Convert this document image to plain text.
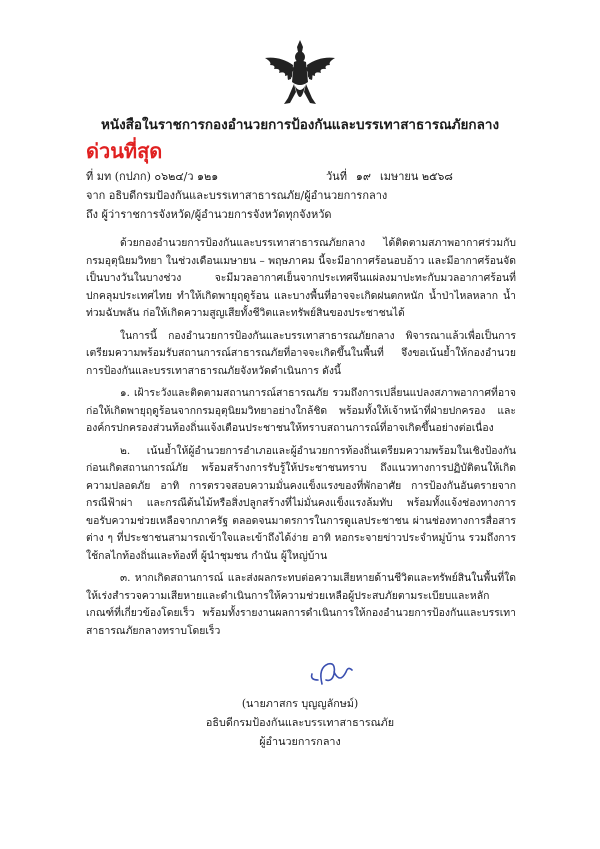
หนังสือในราชการกองอำนวยการป้องกันและบรรเทาสาธารณภัยกลาง
ด่วนที่สุด
ที่ มท (กปภก) ๐๖๒๔/ว ๑๒๑	วันที่ ๑๙ เมษายน ๒๕๖๘
จาก อธิบดีกรมป้องกันและบรรเทาสาธารณภัย/ผู้อำนวยการกลาง
ถึง ผู้ว่าราชการจังหวัด/ผู้อำนวยการจังหวัดทุกจังหวัด

ด้วยกองอำนวยการป้องกันและบรรเทาสาธารณภัยกลาง ได้ติดตามสภาพอากาศร่วมกับกรมอุตุนิยมวิทยา ในช่วงเดือนเมษายน – พฤษภาคม นี้จะมีอากาศร้อนอบอ้าว และมีอากาศร้อนจัดเป็นบางวันในบางช่วง จะมีมวลอากาศเย็นจากประเทศจีนแผ่ลงมาปะทะกับมวลอากาศร้อนที่ปกคลุมประเทศไทย ทำให้เกิดพายุฤดูร้อน และบางพื้นที่อาจจะเกิดฝนตกหนัก น้ำป่าไหลหลาก น้ำท่วมฉับพลัน ก่อให้เกิดความสูญเสียทั้งชีวิตและทรัพย์สินของประชาชนได้

ในการนี้ กองอำนวยการป้องกันและบรรเทาสาธารณภัยกลาง พิจารณาแล้วเพื่อเป็นการเตรียมความพร้อมรับสถานการณ์สาธารณภัยที่อาจจะเกิดขึ้นในพื้นที่ จึงขอเน้นย้ำให้กองอำนวยการป้องกันและบรรเทาสาธารณภัยจังหวัดดำเนินการ ดังนี้

๑. เฝ้าระวังและติดตามสถานการณ์สาธารณภัย รวมถึงการเปลี่ยนแปลงสภาพอากาศที่อาจก่อให้เกิดพายุฤดูร้อนจากกรมอุตุนิยมวิทยาอย่างใกล้ชิด พร้อมทั้งให้เจ้าหน้าที่ฝ่ายปกครอง และองค์กรปกครองส่วนท้องถิ่นแจ้งเตือนประชาชนให้ทราบสถานการณ์ที่อาจเกิดขึ้นอย่างต่อเนื่อง

๒. เน้นย้ำให้ผู้อำนวยการอำเภอและผู้อำนวยการท้องถิ่นเตรียมความพร้อมในเชิงป้องกันก่อนเกิดสถานการณ์ภัย พร้อมสร้างการรับรู้ให้ประชาชนทราบ ถึงแนวทางการปฏิบัติตนให้เกิดความปลอดภัย อาทิ การตรวจสอบความมั่นคงแข็งแรงของที่พักอาศัย การป้องกันอันตรายจากกรณีฟ้าผ่า และกรณีต้นไม้หรือสิ่งปลูกสร้างที่ไม่มั่นคงแข็งแรงล้มทับ พร้อมทั้งแจ้งช่องทางการขอรับความช่วยเหลือจากภาครัฐ ตลอดจนมาตรการในการดูแลประชาชน ผ่านช่องทางการสื่อสารต่าง ๆ ที่ประชาชนสามารถเข้าใจและเข้าถึงได้ง่าย อาทิ หอกระจายข่าวประจำหมู่บ้าน รวมถึงการใช้กลไกท้องถิ่นและท้องที่ ผู้นำชุมชน กำนัน ผู้ใหญ่บ้าน

๓. หากเกิดสถานการณ์ และส่งผลกระทบต่อความเสียหายด้านชีวิตและทรัพย์สินในพื้นที่ใด ให้เร่งสำรวจความเสียหายและดำเนินการให้ความช่วยเหลือผู้ประสบภัยตามระเบียบและหลักเกณฑ์ที่เกี่ยวข้องโดยเร็ว พร้อมทั้งรายงานผลการดำเนินการให้กองอำนวยการป้องกันและบรรเทาสาธารณภัยกลางทราบโดยเร็ว

(นายภาสกร บุญญลักษม์)
อธิบดีกรมป้องกันและบรรเทาสาธารณภัย
ผู้อำนวยการกลาง
